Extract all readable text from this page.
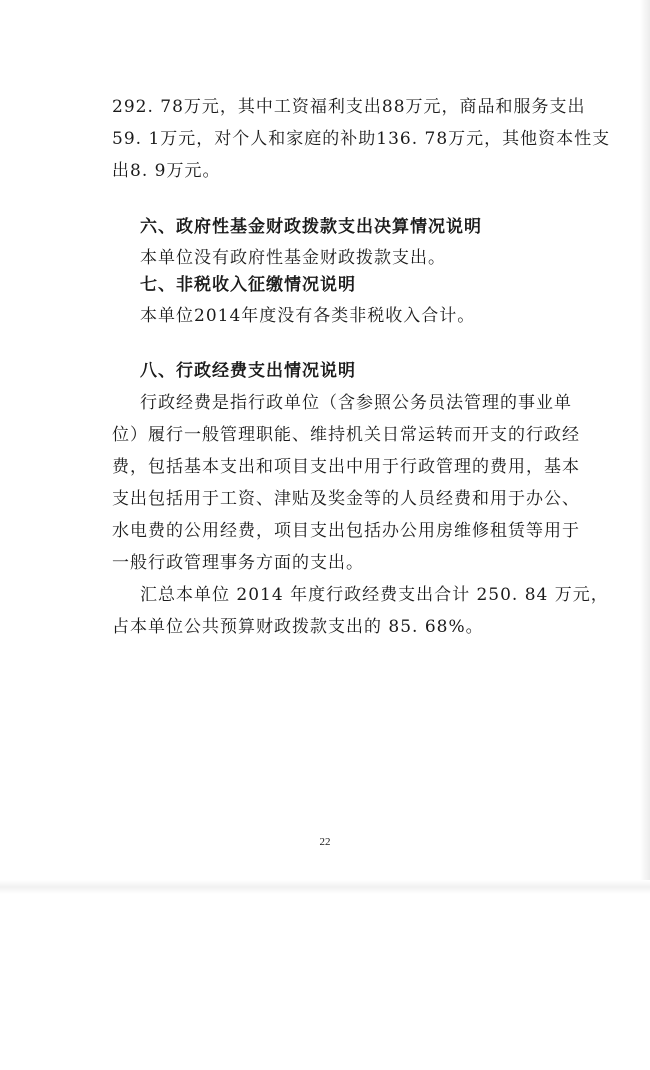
292. 78万元，其中工资福利支出88万元，商品和服务支出
59. 1万元，对个人和家庭的补助136. 78万元，其他资本性支
出8. 9万元。
六、政府性基金财政拨款支出决算情况说明
本单位没有政府性基金财政拨款支出。
七、非税收入征缴情况说明
本单位2014年度没有各类非税收入合计。
八、行政经费支出情况说明
行政经费是指行政单位（含参照公务员法管理的事业单
位）履行一般管理职能、维持机关日常运转而开支的行政经
费，包括基本支出和项目支出中用于行政管理的费用，基本
支出包括用于工资、津贴及奖金等的人员经费和用于办公、
水电费的公用经费，项目支出包括办公用房维修租赁等用于
一般行政管理事务方面的支出。
汇总本单位 2014 年度行政经费支出合计 250. 84 万元，
占本单位公共预算财政拨款支出的 85. 68%。
22
